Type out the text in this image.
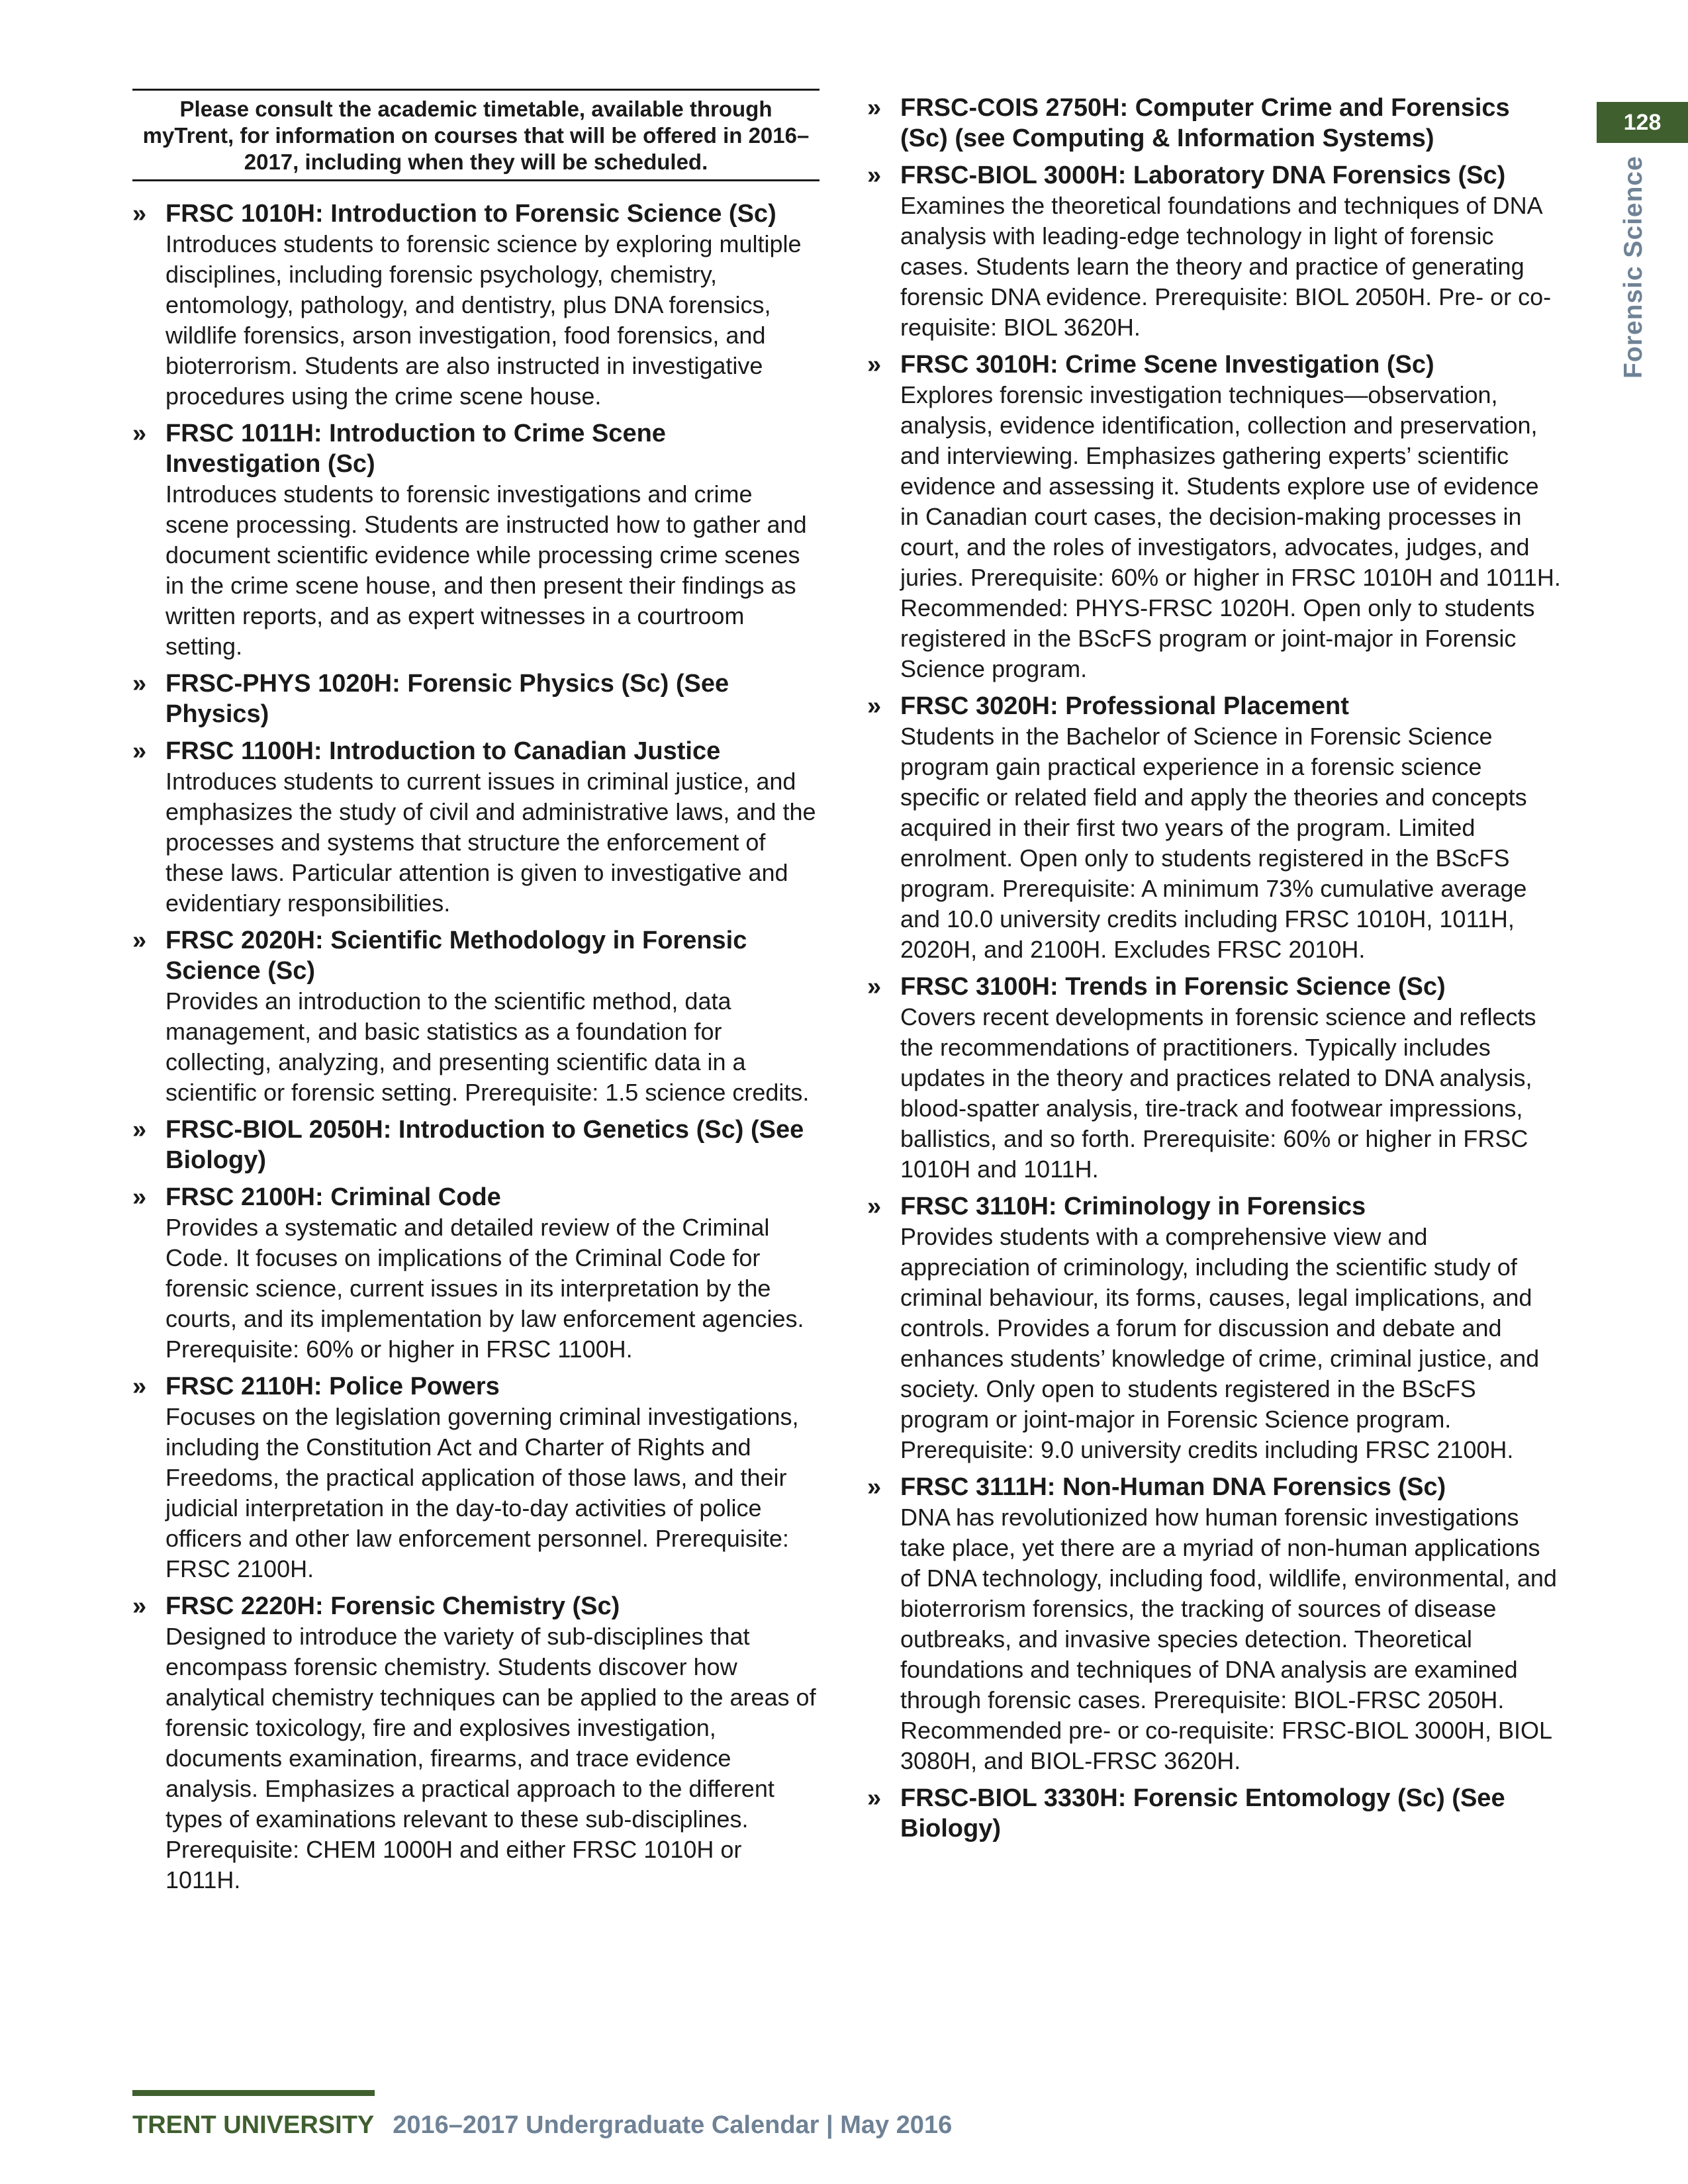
128
Forensic Science
Please consult the academic timetable, available through myTrent, for information on courses that will be offered in 2016–2017, including when they will be scheduled.
» FRSC 1010H: Introduction to Forensic Science (Sc)
Introduces students to forensic science by exploring multiple disciplines, including forensic psychology, chemistry, entomology, pathology, and dentistry, plus DNA forensics, wildlife forensics, arson investigation, food forensics, and bioterrorism. Students are also instructed in investigative procedures using the crime scene house.
» FRSC 1011H: Introduction to Crime Scene Investigation (Sc)
Introduces students to forensic investigations and crime scene processing. Students are instructed how to gather and document scientific evidence while processing crime scenes in the crime scene house, and then present their findings as written reports, and as expert witnesses in a courtroom setting.
» FRSC-PHYS 1020H: Forensic Physics (Sc) (See Physics)
» FRSC 1100H: Introduction to Canadian Justice
Introduces students to current issues in criminal justice, and emphasizes the study of civil and administrative laws, and the processes and systems that structure the enforcement of these laws. Particular attention is given to investigative and evidentiary responsibilities.
» FRSC 2020H: Scientific Methodology in Forensic Science (Sc)
Provides an introduction to the scientific method, data management, and basic statistics as a foundation for collecting, analyzing, and presenting scientific data in a scientific or forensic setting. Prerequisite: 1.5 science credits.
» FRSC-BIOL 2050H: Introduction to Genetics (Sc) (See Biology)
» FRSC 2100H: Criminal Code
Provides a systematic and detailed review of the Criminal Code. It focuses on implications of the Criminal Code for forensic science, current issues in its interpretation by the courts, and its implementation by law enforcement agencies. Prerequisite: 60% or higher in FRSC 1100H.
» FRSC 2110H: Police Powers
Focuses on the legislation governing criminal investigations, including the Constitution Act and Charter of Rights and Freedoms, the practical application of those laws, and their judicial interpretation in the day-to-day activities of police officers and other law enforcement personnel. Prerequisite: FRSC 2100H.
» FRSC 2220H: Forensic Chemistry (Sc)
Designed to introduce the variety of sub-disciplines that encompass forensic chemistry. Students discover how analytical chemistry techniques can be applied to the areas of forensic toxicology, fire and explosives investigation, documents examination, firearms, and trace evidence analysis. Emphasizes a practical approach to the different types of examinations relevant to these sub-disciplines. Prerequisite: CHEM 1000H and either FRSC 1010H or 1011H.
» FRSC-COIS 2750H: Computer Crime and Forensics (Sc) (see Computing & Information Systems)
» FRSC-BIOL 3000H: Laboratory DNA Forensics (Sc)
Examines the theoretical foundations and techniques of DNA analysis with leading-edge technology in light of forensic cases. Students learn the theory and practice of generating forensic DNA evidence. Prerequisite: BIOL 2050H. Pre- or co-requisite: BIOL 3620H.
» FRSC 3010H: Crime Scene Investigation (Sc)
Explores forensic investigation techniques—observation, analysis, evidence identification, collection and preservation, and interviewing. Emphasizes gathering experts’ scientific evidence and assessing it. Students explore use of evidence in Canadian court cases, the decision-making processes in court, and the roles of investigators, advocates, judges, and juries. Prerequisite: 60% or higher in FRSC 1010H and 1011H. Recommended: PHYS-FRSC 1020H. Open only to students registered in the BScFS program or joint-major in Forensic Science program.
» FRSC 3020H: Professional Placement
Students in the Bachelor of Science in Forensic Science program gain practical experience in a forensic science specific or related field and apply the theories and concepts acquired in their first two years of the program. Limited enrolment. Open only to students registered in the BScFS program. Prerequisite: A minimum 73% cumulative average and 10.0 university credits including FRSC 1010H, 1011H, 2020H, and 2100H. Excludes FRSC 2010H.
» FRSC 3100H: Trends in Forensic Science (Sc)
Covers recent developments in forensic science and reflects the recommendations of practitioners. Typically includes updates in the theory and practices related to DNA analysis, blood-spatter analysis, tire-track and footwear impressions, ballistics, and so forth. Prerequisite: 60% or higher in FRSC 1010H and 1011H.
» FRSC 3110H: Criminology in Forensics
Provides students with a comprehensive view and appreciation of criminology, including the scientific study of criminal behaviour, its forms, causes, legal implications, and controls. Provides a forum for discussion and debate and enhances students’ knowledge of crime, criminal justice, and society. Only open to students registered in the BScFS program or joint-major in Forensic Science program. Prerequisite: 9.0 university credits including FRSC 2100H.
» FRSC 3111H: Non-Human DNA Forensics (Sc)
DNA has revolutionized how human forensic investigations take place, yet there are a myriad of non-human applications of DNA technology, including food, wildlife, environmental, and bioterrorism forensics, the tracking of sources of disease outbreaks, and invasive species detection. Theoretical foundations and techniques of DNA analysis are examined through forensic cases. Prerequisite: BIOL-FRSC 2050H. Recommended pre- or co-requisite: FRSC-BIOL 3000H, BIOL 3080H, and BIOL-FRSC 3620H.
» FRSC-BIOL 3330H: Forensic Entomology (Sc) (See Biology)
TRENT UNIVERSITY 2016–2017 Undergraduate Calendar | May 2016
